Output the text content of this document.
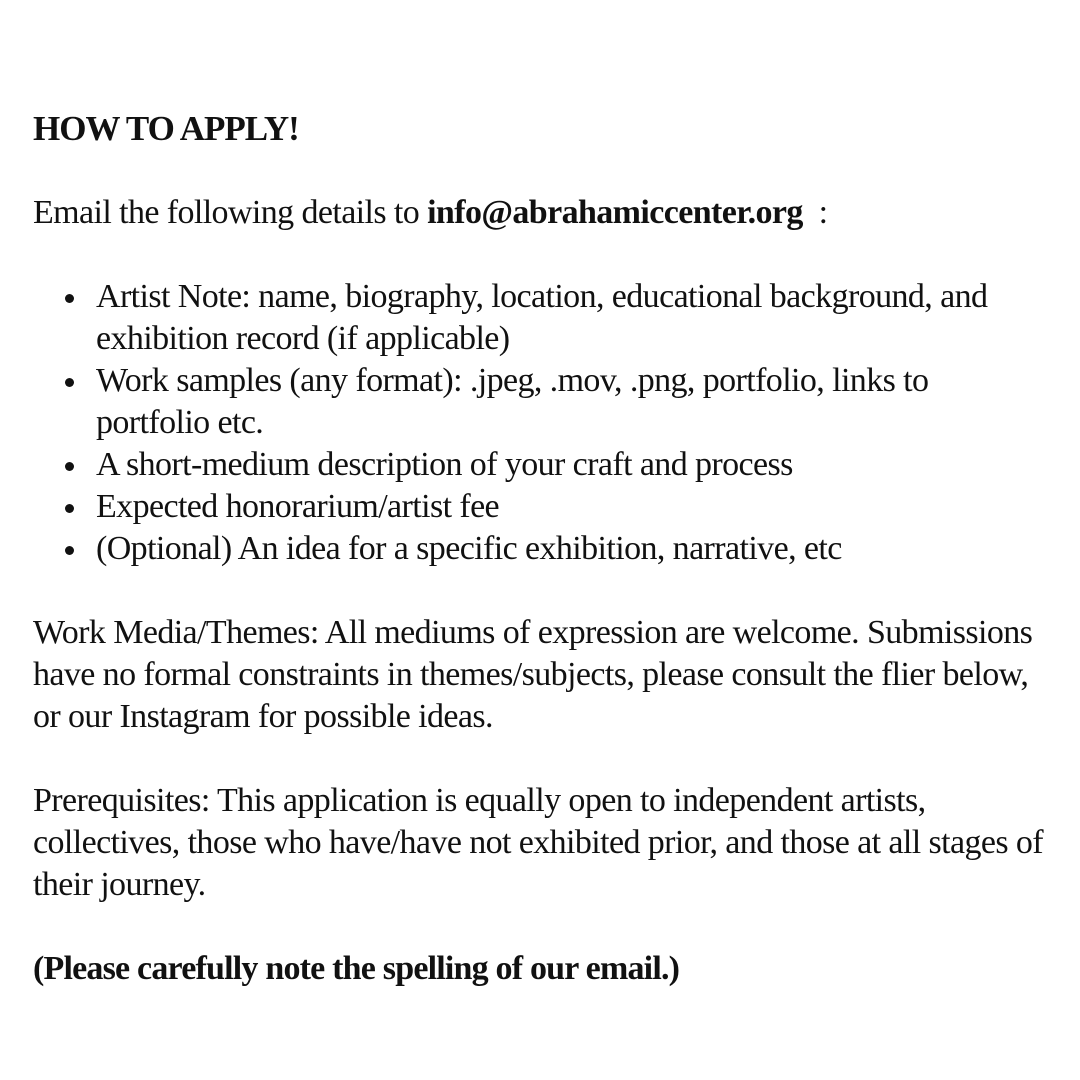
HOW TO APPLY!

Email the following details to info@abrahamiccenter.org  :

Artist Note: name, biography, location, educational background, and exhibition record (if applicable)
Work samples (any format): .jpeg, .mov, .png, portfolio, links to portfolio etc.
A short-medium description of your craft and process
Expected honorarium/artist fee
(Optional) An idea for a specific exhibition, narrative, etc

Work Media/Themes: All mediums of expression are welcome. Submissions have no formal constraints in themes/subjects, please consult the flier below, or our Instagram for possible ideas.

Prerequisites: This application is equally open to independent artists, collectives, those who have/have not exhibited prior, and those at all stages of their journey.

(Please carefully note the spelling of our email.)
